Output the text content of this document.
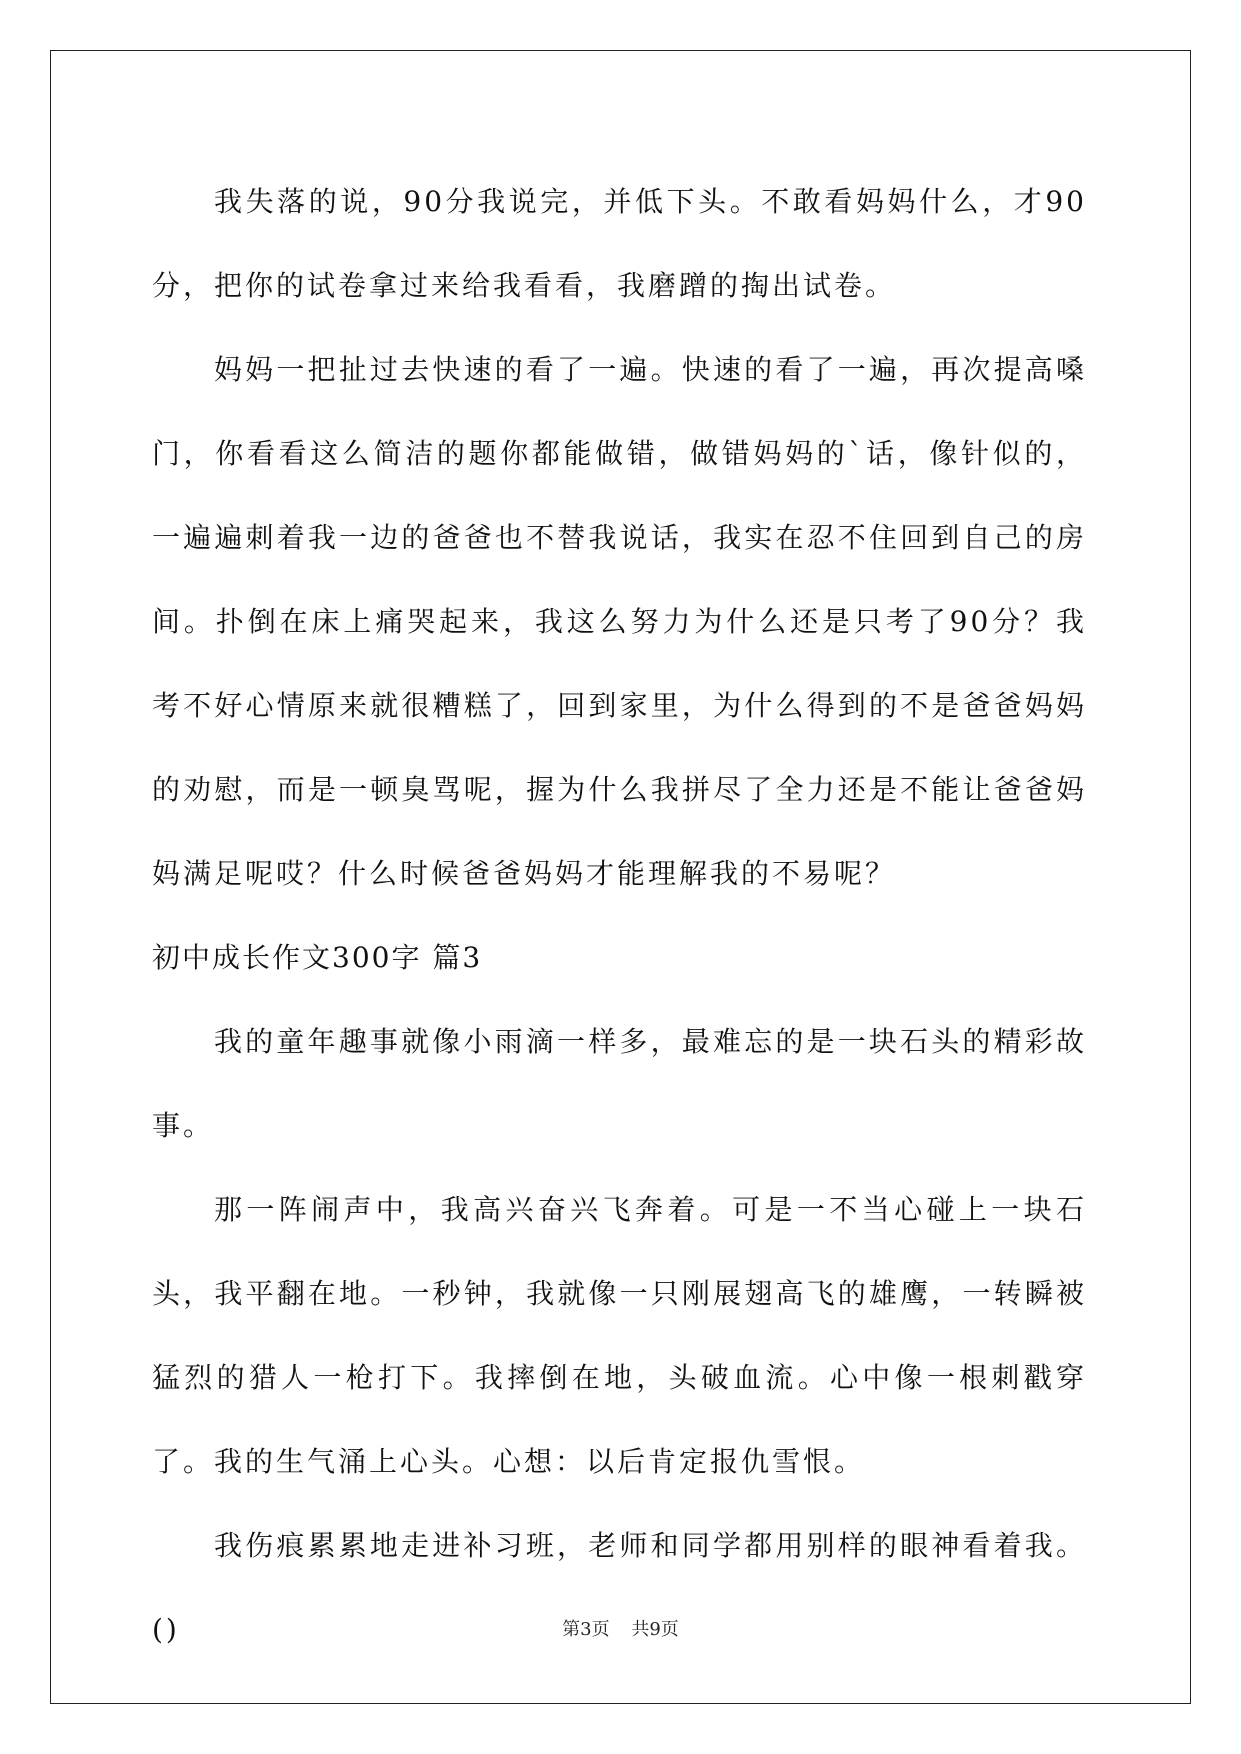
我失落的说，90分我说完，并低下头。不敢看妈妈什么，才90分，把你的试卷拿过来给我看看，我磨蹭的掏出试卷。

妈妈一把扯过去快速的看了一遍。快速的看了一遍，再次提高嗓门，你看看这么简洁的题你都能做错，做错妈妈的`话，像针似的，一遍遍刺着我一边的爸爸也不替我说话，我实在忍不住回到自己的房间。扑倒在床上痛哭起来，我这么努力为什么还是只考了90分？我考不好心情原来就很糟糕了，回到家里，为什么得到的不是爸爸妈妈的劝慰，而是一顿臭骂呢，握为什么我拼尽了全力还是不能让爸爸妈妈满足呢哎？什么时候爸爸妈妈才能理解我的不易呢？

初中成长作文300字 篇3

我的童年趣事就像小雨滴一样多，最难忘的是一块石头的精彩故事。

那一阵闹声中，我高兴奋兴飞奔着。可是一不当心碰上一块石头，我平翻在地。一秒钟，我就像一只刚展翅高飞的雄鹰，一转瞬被猛烈的猎人一枪打下。我摔倒在地，头破血流。心中像一根刺戳穿了。我的生气涌上心头。心想：以后肯定报仇雪恨。

我伤痕累累地走进补习班，老师和同学都用别样的眼神看着我。()	第3页 共9页
